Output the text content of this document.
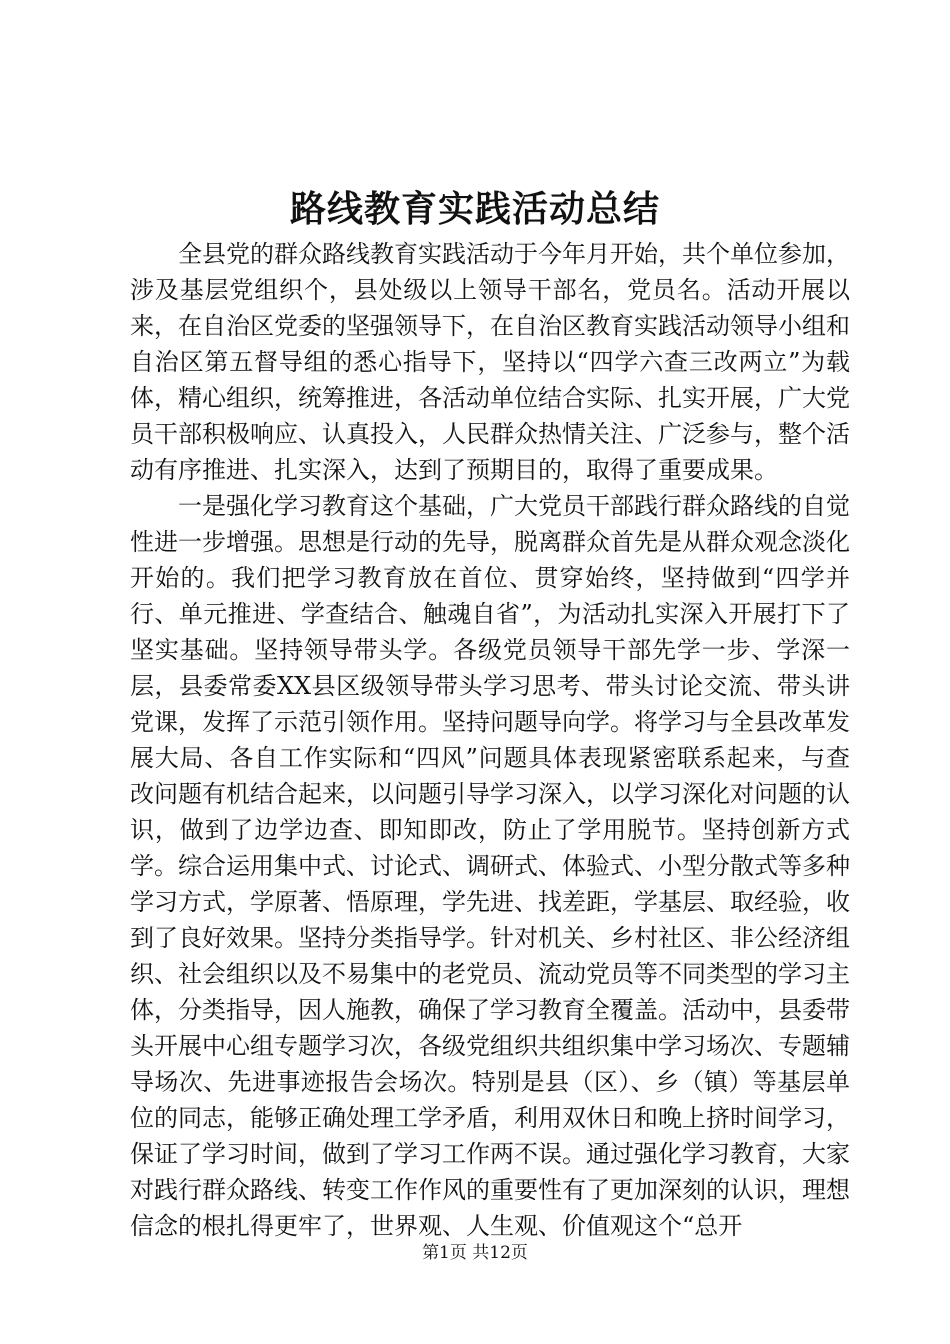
路线教育实践活动总结

全县党的群众路线教育实践活动于今年月开始，共个单位参加，涉及基层党组织个，县处级以上领导干部名，党员名。活动开展以来，在自治区党委的坚强领导下，在自治区教育实践活动领导小组和自治区第五督导组的悉心指导下，坚持以“四学六查三改两立”为载体，精心组织，统筹推进，各活动单位结合实际、扎实开展，广大党员干部积极响应、认真投入，人民群众热情关注、广泛参与，整个活动有序推进、扎实深入，达到了预期目的，取得了重要成果。

一是强化学习教育这个基础，广大党员干部践行群众路线的自觉性进一步增强。思想是行动的先导，脱离群众首先是从群众观念淡化开始的。我们把学习教育放在首位、贯穿始终，坚持做到“四学并行、单元推进、学查结合、触魂自省”，为活动扎实深入开展打下了坚实基础。坚持领导带头学。各级党员领导干部先学一步、学深一层，县委常委XX县区级领导带头学习思考、带头讨论交流、带头讲党课，发挥了示范引领作用。坚持问题导向学。将学习与全县改革发展大局、各自工作实际和“四风”问题具体表现紧密联系起来，与查改问题有机结合起来，以问题引导学习深入，以学习深化对问题的认识，做到了边学边查、即知即改，防止了学用脱节。坚持创新方式学。综合运用集中式、讨论式、调研式、体验式、小型分散式等多种学习方式，学原著、悟原理，学先进、找差距，学基层、取经验，收到了良好效果。坚持分类指导学。针对机关、乡村社区、非公经济组织、社会组织以及不易集中的老党员、流动党员等不同类型的学习主体，分类指导，因人施教，确保了学习教育全覆盖。活动中，县委带头开展中心组专题学习次，各级党组织共组织集中学习场次、专题辅导场次、先进事迹报告会场次。特别是县（区）、乡（镇）等基层单位的同志，能够正确处理工学矛盾，利用双休日和晚上挤时间学习，保证了学习时间，做到了学习工作两不误。通过强化学习教育，大家对践行群众路线、转变工作作风的重要性有了更加深刻的认识，理想信念的根扎得更牢了，世界观、人生观、价值观这个“总开

第1页 共12页
